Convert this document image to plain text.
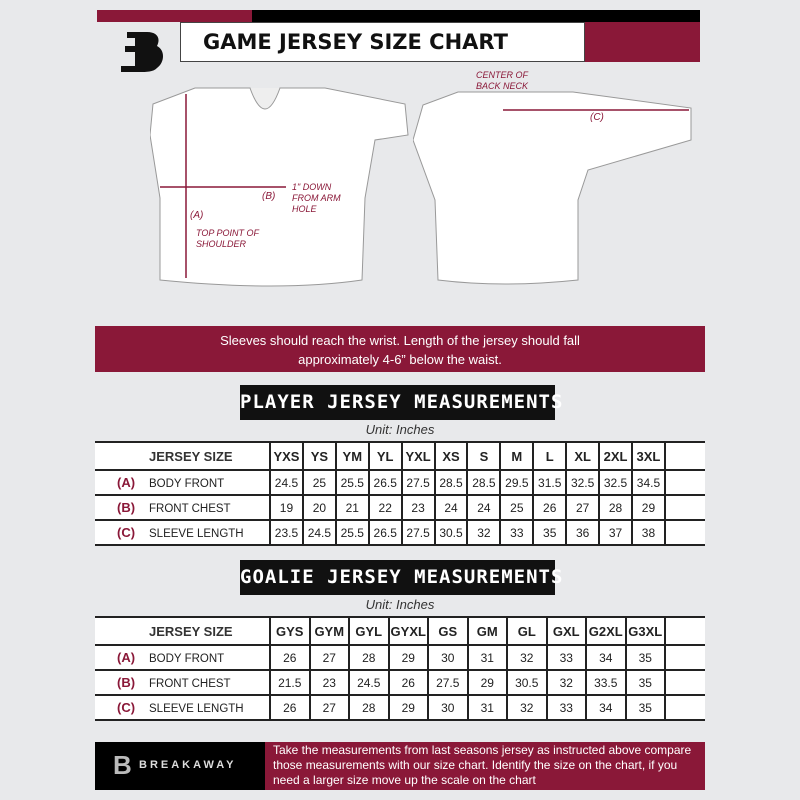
GAME JERSEY SIZE CHART
(A)
TOP POINT OF SHOULDER
(B)
1" DOWN FROM ARM HOLE
CENTER OF BACK NECK
(C)
Sleeves should reach the wrist. Length of the jersey should fall
approximately 4-6” below the waist.
PLAYER JERSEY MEASUREMENTS
Unit: Inches
JERSEY SIZE	YXS	YS	YM	YL	YXL	XS	S	M	L	XL	2XL	3XL	
(A) BODY FRONT	24.5	25	25.5	26.5	27.5	28.5	28.5	29.5	31.5	32.5	32.5	34.5	
(B) FRONT CHEST	19	20	21	22	23	24	24	25	26	27	28	29	
(C) SLEEVE LENGTH	23.5	24.5	25.5	26.5	27.5	30.5	32	33	35	36	37	38	
GOALIE JERSEY MEASUREMENTS
Unit: Inches
JERSEY SIZE	GYS	GYM	GYL	GYXL	GS	GM	GL	GXL	G2XL	G3XL	
(A) BODY FRONT	26	27	28	29	30	31	32	33	34	35	
(B) FRONT CHEST	21.5	23	24.5	26	27.5	29	30.5	32	33.5	35	
(C) SLEEVE LENGTH	26	27	28	29	30	31	32	33	34	35	
B BREAKAWAY
Take the measurements from last seasons jersey as instructed above compare those measurements with our size chart. Identify the size on the chart, if you need a larger size move up the scale on the chart
